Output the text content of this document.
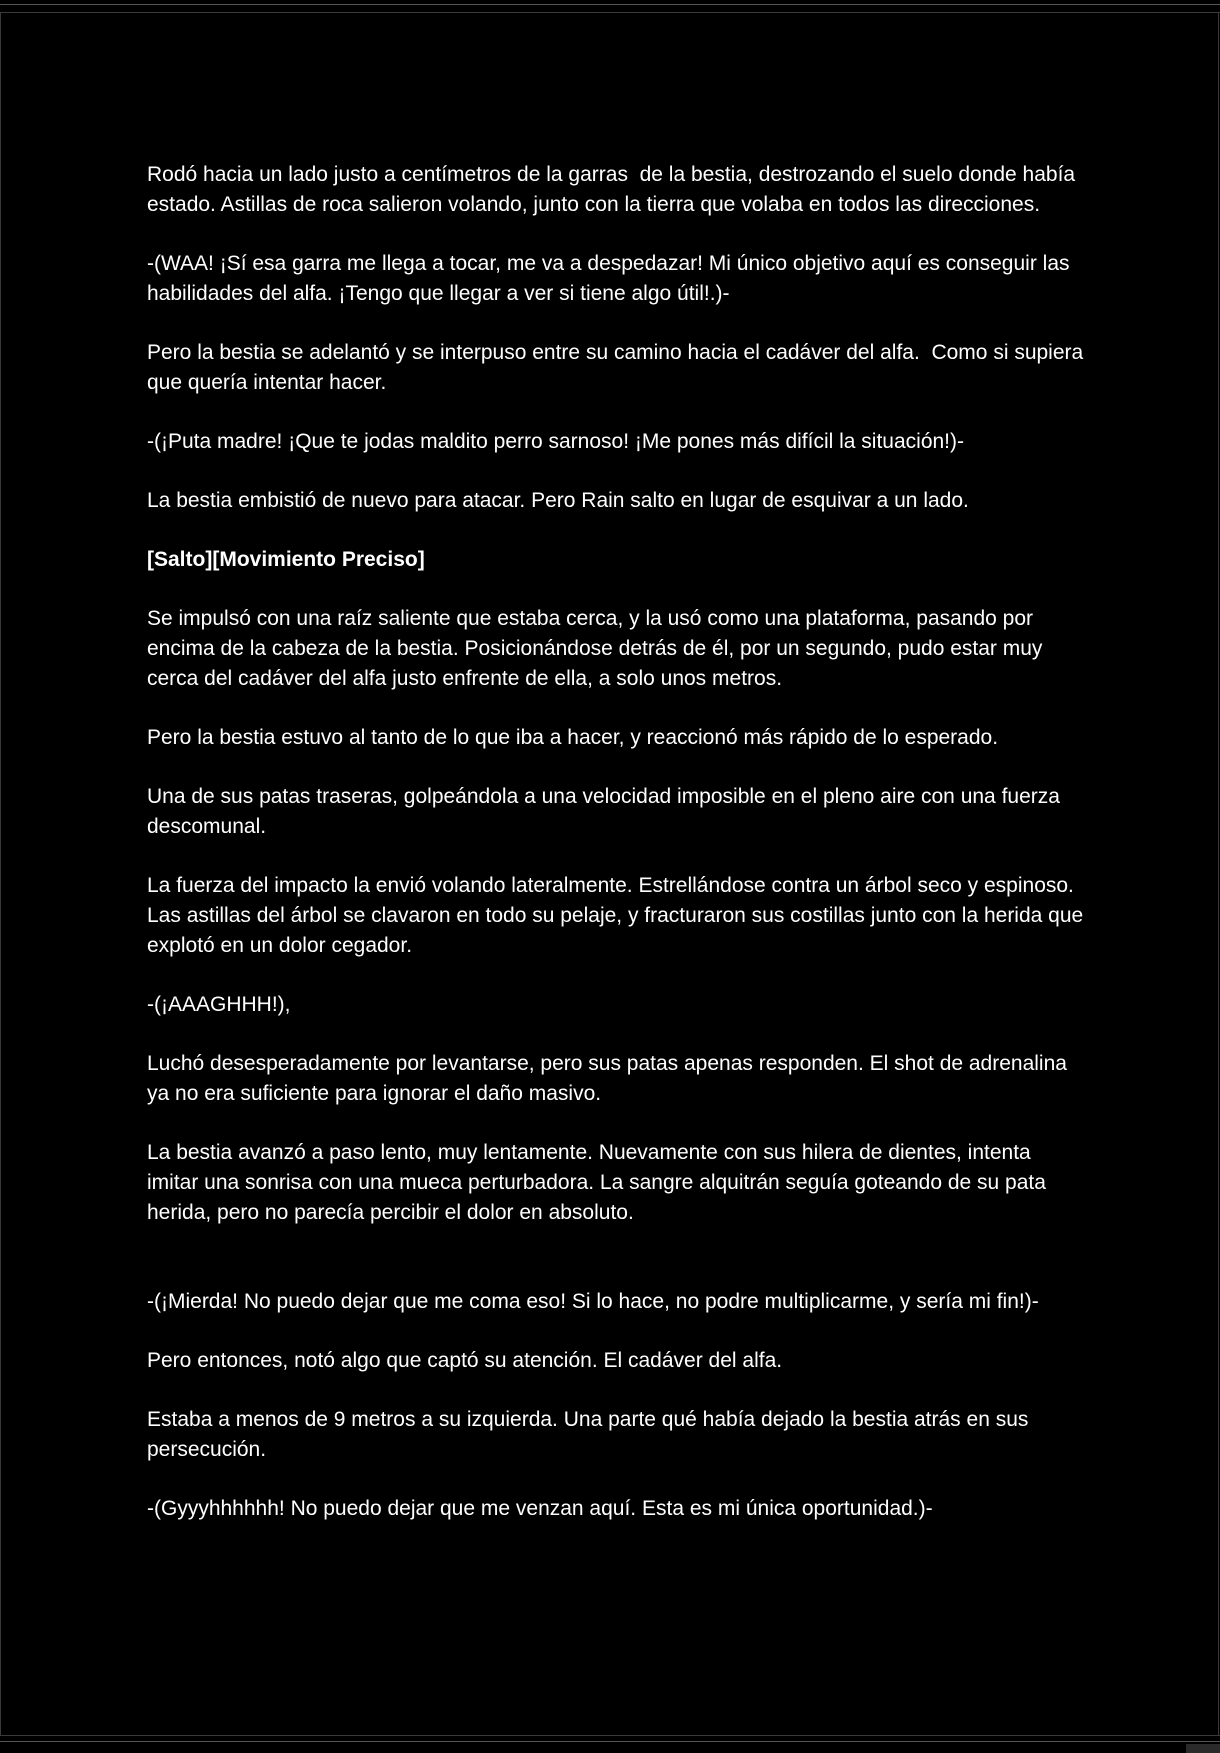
Rodó hacia un lado justo a centímetros de la garras  de la bestia, destrozando el suelo donde había estado. Astillas de roca salieron volando, junto con la tierra que volaba en todos las direcciones.

-(WAA! ¡Sí esa garra me llega a tocar, me va a despedazar! Mi único objetivo aquí es conseguir las habilidades del alfa. ¡Tengo que llegar a ver si tiene algo útil!.)-

Pero la bestia se adelantó y se interpuso entre su camino hacia el cadáver del alfa.  Como si supiera que quería intentar hacer.

-(¡Puta madre! ¡Que te jodas maldito perro sarnoso! ¡Me pones más difícil la situación!)-

La bestia embistió de nuevo para atacar. Pero Rain salto en lugar de esquivar a un lado.

[Salto][Movimiento Preciso]

Se impulsó con una raíz saliente que estaba cerca, y la usó como una plataforma, pasando por encima de la cabeza de la bestia. Posicionándose detrás de él, por un segundo, pudo estar muy cerca del cadáver del alfa justo enfrente de ella, a solo unos metros.

Pero la bestia estuvo al tanto de lo que iba a hacer, y reaccionó más rápido de lo esperado.

Una de sus patas traseras, golpeándola a una velocidad imposible en el pleno aire con una fuerza descomunal.

La fuerza del impacto la envió volando lateralmente. Estrellándose contra un árbol seco y espinoso. Las astillas del árbol se clavaron en todo su pelaje, y fracturaron sus costillas junto con la herida que explotó en un dolor cegador.

-(¡AAAGHHH!),

Luchó desesperadamente por levantarse, pero sus patas apenas responden. El shot de adrenalina ya no era suficiente para ignorar el daño masivo.

La bestia avanzó a paso lento, muy lentamente. Nuevamente con sus hilera de dientes, intenta imitar una sonrisa con una mueca perturbadora. La sangre alquitrán seguía goteando de su pata herida, pero no parecía percibir el dolor en absoluto.

-(¡Mierda! No puedo dejar que me coma eso! Si lo hace, no podre multiplicarme, y sería mi fin!)-

Pero entonces, notó algo que captó su atención. El cadáver del alfa.

Estaba a menos de 9 metros a su izquierda. Una parte qué había dejado la bestia atrás en sus persecución.

-(Gyyyhhhhhh! No puedo dejar que me venzan aquí. Esta es mi única oportunidad.)-
